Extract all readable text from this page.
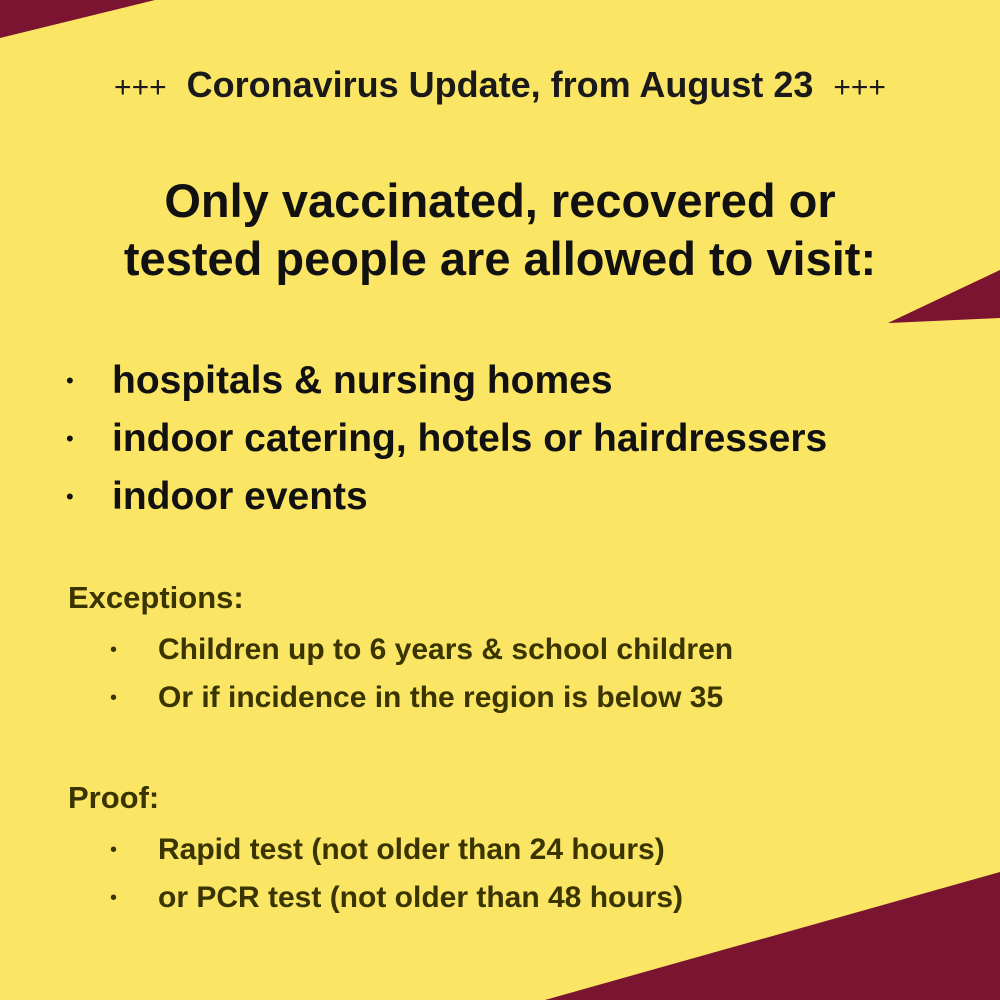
+++ Coronavirus Update, from August 23 +++
Only vaccinated, recovered or
tested people are allowed to visit:
• hospitals & nursing homes
• indoor catering, hotels or hairdressers
• indoor events
Exceptions:
• Children up to 6 years & school children
• Or if incidence in the region is below 35
Proof:
• Rapid test (not older than 24 hours)
• or PCR test (not older than 48 hours)
